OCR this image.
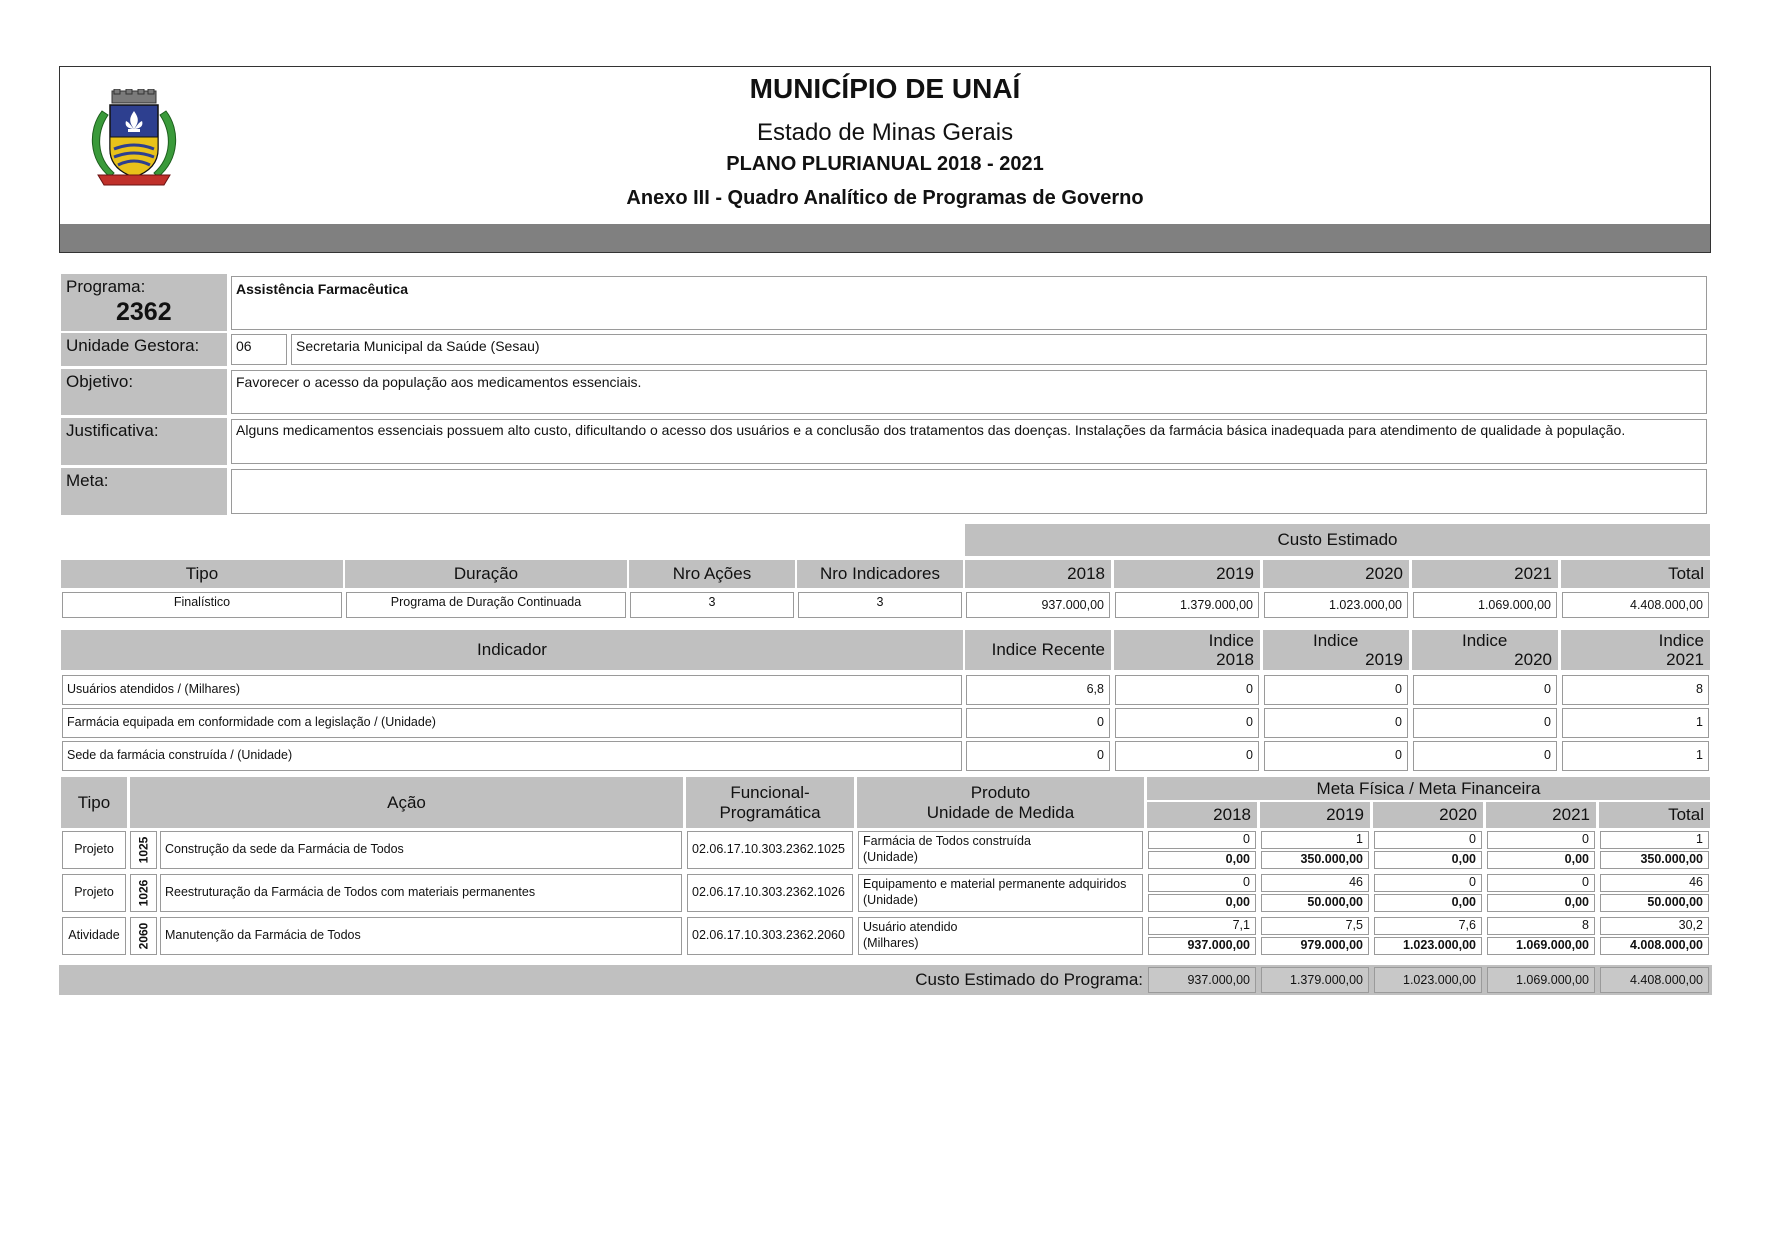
MUNICÍPIO DE UNAÍ
Estado de Minas Gerais
PLANO PLURIANUAL 2018 - 2021
Anexo III - Quadro Analítico de Programas de Governo
Programa:
2362
Assistência Farmacêutica
Unidade Gestora:	06	Secretaria Municipal da Saúde (Sesau)
Objetivo:	Favorecer o acesso da população aos medicamentos essenciais.
Justificativa:	Alguns medicamentos essenciais possuem alto custo, dificultando o acesso dos usuários e a conclusão dos tratamentos das doenças. Instalações da farmácia básica inadequada para atendimento de qualidade à população.
Meta:
Custo Estimado
Tipo	Duração	Nro Ações	Nro Indicadores	2018	2019	2020	2021	Total
Finalístico	Programa de Duração Continuada	3	3	937.000,00	1.379.000,00	1.023.000,00	1.069.000,00	4.408.000,00
Indicador	Indice Recente	Indice
2018
Indice
2019
Indice
2020
Indice
2021
Usuários atendidos / (Milhares)	6,8	0	0	0	8
Farmácia equipada em conformidade com a legislação / (Unidade)	0	0	0	0	1
Sede da farmácia construída / (Unidade)	0	0	0	0	1
Tipo	Ação
Funcional-
Programática
Produto
Unidade de Medida
Meta Física / Meta Financeira
2018	2019	2020	2021	Total
Projeto	1025	Construção da sede da Farmácia de Todos	02.06.17.10.303.2362.1025
Farmácia de Todos construída
(Unidade)
0	1	0	0	1
0,00	350.000,00	0,00	0,00	350.000,00
Projeto	1026	Reestruturação da Farmácia de Todos com materiais permanentes	02.06.17.10.303.2362.1026
Equipamento e material permanente adquiridos
(Unidade)
0	46	0	0	46
0,00	50.000,00	0,00	0,00	50.000,00
Atividade	2060	Manutenção da Farmácia de Todos	02.06.17.10.303.2362.2060
Usuário atendido
(Milhares)
7,1	7,5	7,6	8	30,2
937.000,00	979.000,00	1.023.000,00	1.069.000,00	4.008.000,00
Custo Estimado do Programa:	937.000,00	1.379.000,00	1.023.000,00	1.069.000,00	4.408.000,00
